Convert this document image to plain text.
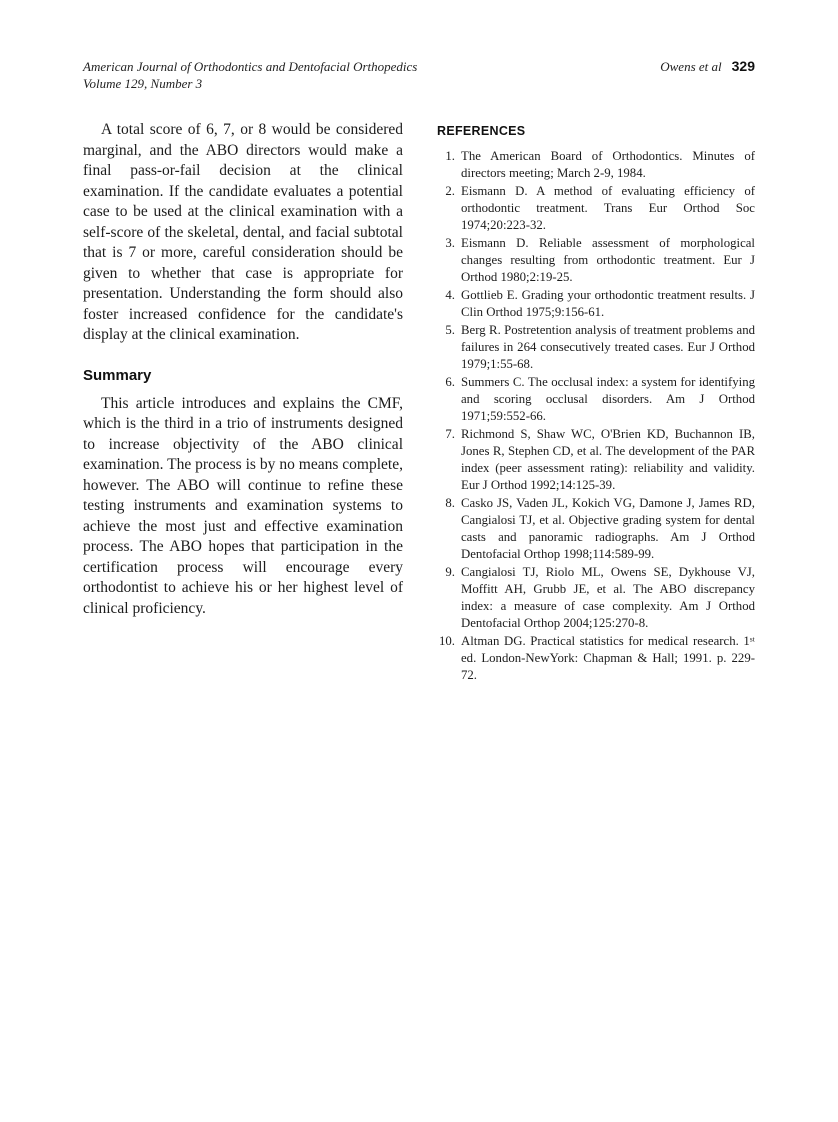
American Journal of Orthodontics and Dentofacial Orthopedics
Volume 129, Number 3
Owens et al 329

A total score of 6, 7, or 8 would be considered marginal, and the ABO directors would make a final pass-or-fail decision at the clinical examination. If the candidate evaluates a potential case to be used at the clinical examination with a self-score of the skeletal, dental, and facial subtotal that is 7 or more, careful consideration should be given to whether that case is appropriate for presentation. Understanding the form should also foster increased confidence for the candidate's display at the clinical examination.

Summary

This article introduces and explains the CMF, which is the third in a trio of instruments designed to increase objectivity of the ABO clinical examination. The process is by no means complete, however. The ABO will continue to refine these testing instruments and examination systems to achieve the most just and effective examination process. The ABO hopes that participation in the certification process will encourage every orthodontist to achieve his or her highest level of clinical proficiency.

REFERENCES
1. The American Board of Orthodontics. Minutes of directors meeting; March 2-9, 1984.
2. Eismann D. A method of evaluating efficiency of orthodontic treatment. Trans Eur Orthod Soc 1974;20:223-32.
3. Eismann D. Reliable assessment of morphological changes resulting from orthodontic treatment. Eur J Orthod 1980;2:19-25.
4. Gottlieb E. Grading your orthodontic treatment results. J Clin Orthod 1975;9:156-61.
5. Berg R. Postretention analysis of treatment problems and failures in 264 consecutively treated cases. Eur J Orthod 1979;1:55-68.
6. Summers C. The occlusal index: a system for identifying and scoring occlusal disorders. Am J Orthod 1971;59:552-66.
7. Richmond S, Shaw WC, O'Brien KD, Buchannon IB, Jones R, Stephen CD, et al. The development of the PAR index (peer assessment rating): reliability and validity. Eur J Orthod 1992;14:125-39.
8. Casko JS, Vaden JL, Kokich VG, Damone J, James RD, Cangialosi TJ, et al. Objective grading system for dental casts and panoramic radiographs. Am J Orthod Dentofacial Orthop 1998;114:589-99.
9. Cangialosi TJ, Riolo ML, Owens SE, Dykhouse VJ, Moffitt AH, Grubb JE, et al. The ABO discrepancy index: a measure of case complexity. Am J Orthod Dentofacial Orthop 2004;125:270-8.
10. Altman DG. Practical statistics for medical research. 1ˢᵗ ed. London-NewYork: Chapman & Hall; 1991. p. 229-72.
